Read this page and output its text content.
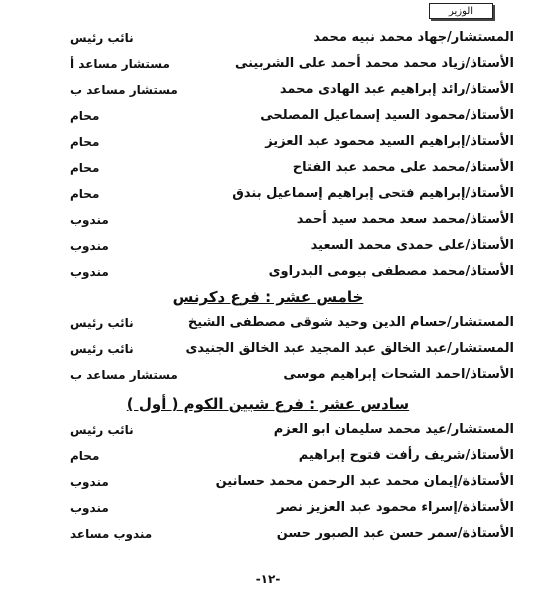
الوزير
المستشار/جهاد محمد نبيه محمد
نائب رئيس
الأستاذ/زياد محمد محمد أحمد على الشربينى
مستشار مساعد أ
الأستاذ/رائد إبراهيم عبد الهادى محمد
مستشار مساعد ب
الأستاذ/محمود السيد إسماعيل المصلحى
محام
الأستاذ/إبراهيم السيد محمود عبد العزيز
محام
الأستاذ/محمد على محمد عبد الفتاح
محام
الأستاذ/إبراهيم فتحى إبراهيم إسماعيل بندق
محام
الأستاذ/محمد سعد محمد سيد أحمد
مندوب
الأستاذ/على حمدى محمد السعيد
مندوب
الأستاذ/محمد مصطفى بيومى البدراوى
مندوب
خامس عشر : فرع دكرنس
المستشار/حسام الدين وحيد شوقى مصطفى الشيخ
نائب رئيس
المستشار/عبد الخالق عبد المجيد عبد الخالق الجنيدى
نائب رئيس
الأستاذ/احمد الشحات إبراهيم موسى
مستشار مساعد ب
سادس عشر : فرع شبين الكوم ( أول )
المستشار/عيد محمد سليمان ابو العزم
نائب رئيس
الأستاذ/شريف رأفت فتوح إبراهيم
محام
الأستاذة/إيمان محمد عبد الرحمن محمد حسانين
مندوب
الأستاذة/إسراء محمود عبد العزيز نصر
مندوب
الأستاذة/سمر حسن عبد الصبور حسن
مندوب مساعد
-١٢-
